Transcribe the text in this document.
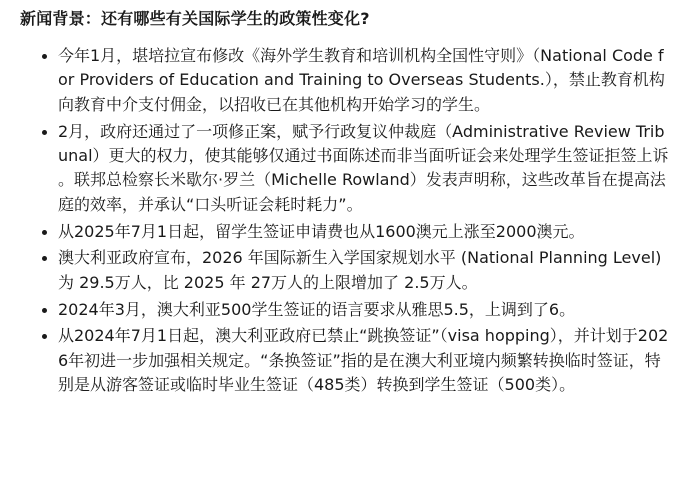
新闻背景：还有哪些有关国际学生的政策性变化?
今年1月，堪培拉宣布修改《海外学生教育和培训机构全国性守则》（National Code for Providers of Education and Training to Overseas Students.），禁止教育机构向教育中介支付佣金，以招收已在其他机构开始学习的学生。
2月，政府还通过了一项修正案，赋予行政复议仲裁庭（Administrative Review Tribunal）更大的权力，使其能够仅通过书面陈述而非当面听证会来处理学生签证拒签上诉。联邦总检察长米歇尔·罗兰（Michelle Rowland）发表声明称，这些改革旨在提高法庭的效率，并承认“口头听证会耗时耗力”。
从2025年7月1日起，留学生签证申请费也从1600澳元上涨至2000澳元。
澳大利亚政府宣布，2026 年国际新生入学国家规划水平 (National Planning Level) 为 29.5万人，比 2025 年 27万人的上限增加了 2.5万人。
2024年3月，澳大利亚500学生签证的语言要求从雅思5.5，上调到了6。
从2024年7月1日起，澳大利亚政府已禁止“跳换签证”（visa hopping），并计划于2026年初进一步加强相关规定。“条换签证”指的是在澳大利亚境内频繁转换临时签证，特别是从游客签证或临时毕业生签证（485类）转换到学生签证（500类）。
